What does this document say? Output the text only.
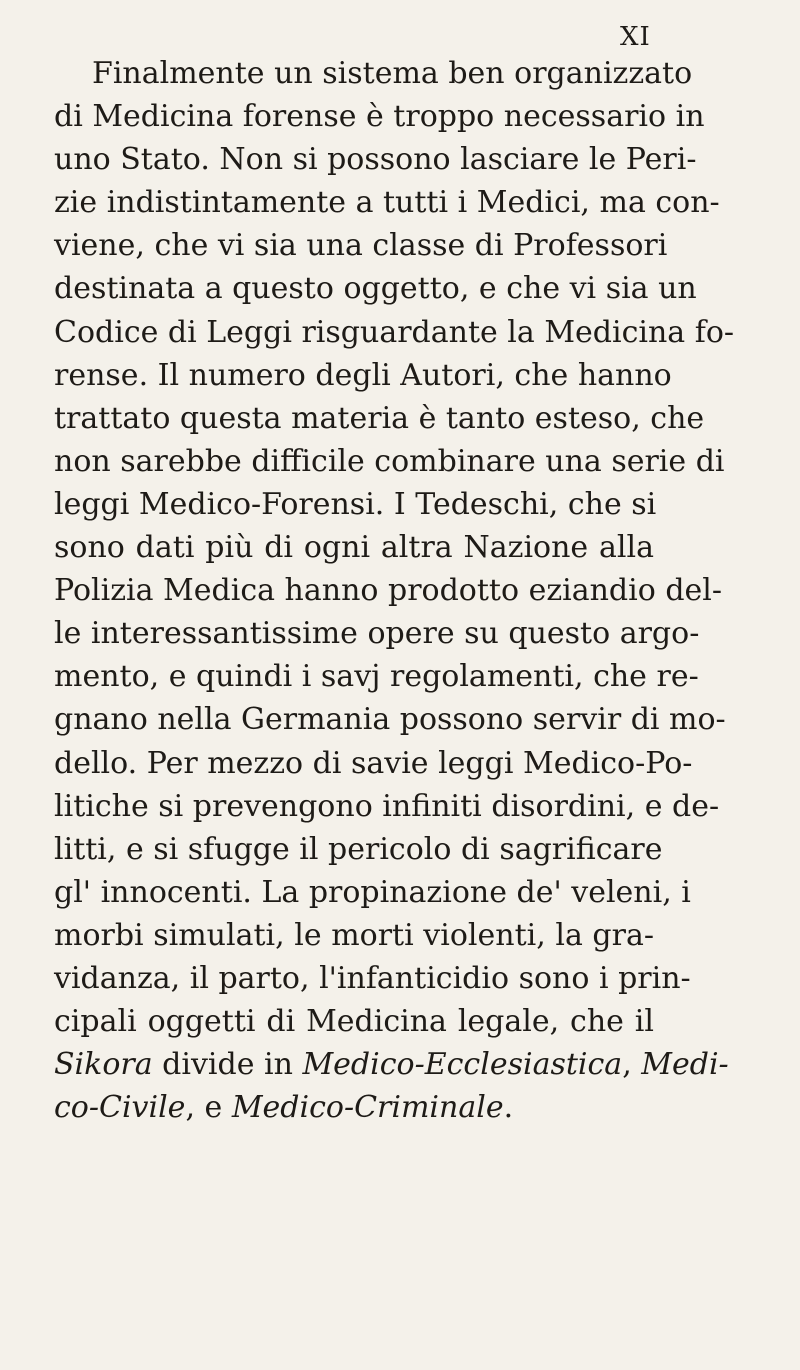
XI
Finalmente un sistema ben organizzato
di Medicina forense è troppo necessario in
uno Stato. Non si possono lasciare le Peri-
zie indistintamente a tutti i Medici, ma con-
viene, che vi sia una classe di Professori
destinata a questo oggetto, e che vi sia un
Codice di Leggi risguardante la Medicina fo-
rense. Il numero degli Autori, che hanno
trattato questa materia è tanto esteso, che
non sarebbe difficile combinare una serie di
leggi Medico-Forensi. I Tedeschi, che si
sono dati più di ogni altra Nazione alla
Polizia Medica hanno prodotto eziandio del-
le interessantissime opere su questo argo-
mento, e quindi i savj regolamenti, che re-
gnano nella Germania possono servir di mo-
dello. Per mezzo di savie leggi Medico-Po-
litiche si prevengono infiniti disordini, e de-
litti, e si sfugge il pericolo di sagrificare
gl' innocenti. La propinazione de' veleni, i
morbi simulati, le morti violenti, la gra-
vidanza, il parto, l'infanticidio sono i prin-
cipali oggetti di Medicina legale, che il
Sikora divide in Medico-Ecclesiastica, Medi-
co-Civile, e Medico-Criminale.
